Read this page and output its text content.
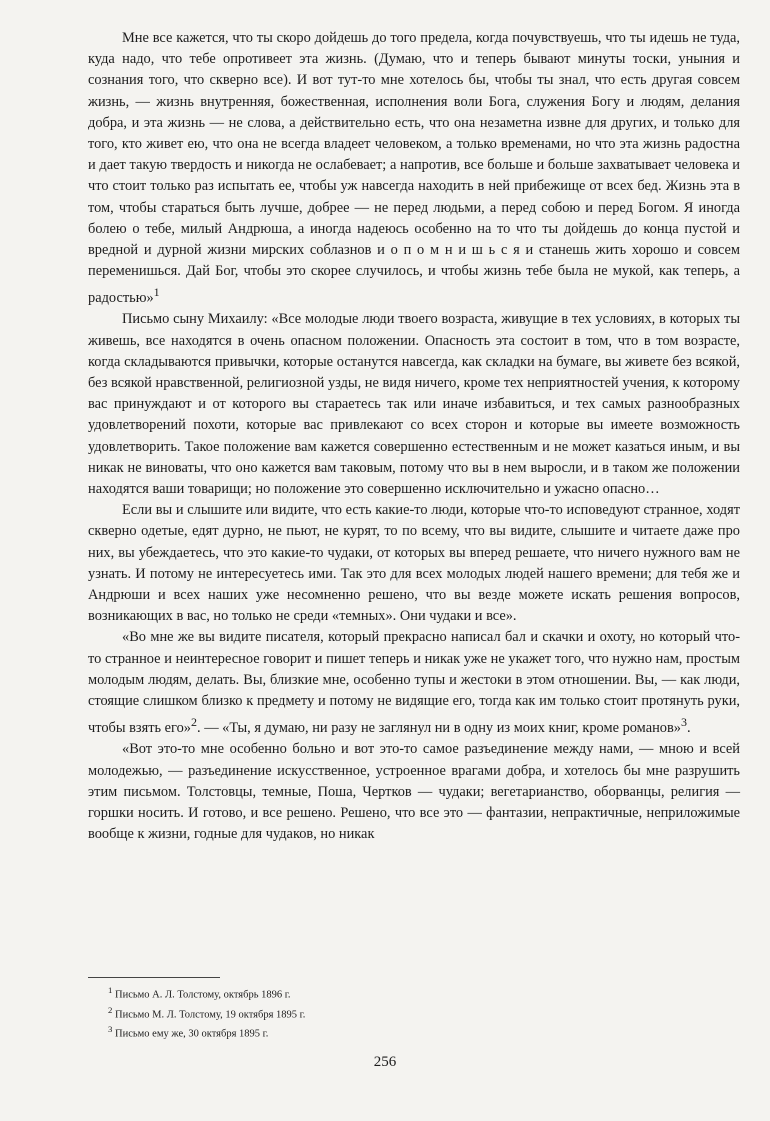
Мне все кажется, что ты скоро дойдешь до того предела, когда почувствуешь, что ты идешь не туда, куда надо, что тебе опротивеет эта жизнь. (Думаю, что и теперь бывают минуты тоски, уныния и сознания того, что скверно все). И вот тут-то мне хотелось бы, чтобы ты знал, что есть другая совсем жизнь, — жизнь внутренняя, божественная, исполнения воли Бога, служения Богу и людям, делания добра, и эта жизнь — не слова, а действительно есть, что она незаметна извне для других, и только для того, кто живет ею, что она не всегда владеет человеком, а только временами, но что эта жизнь радостна и дает такую твердость и никогда не ослабевает; а напротив, все больше и больше захватывает человека и что стоит только раз испытать ее, чтобы уж навсегда находить в ней прибежище от всех бед. Жизнь эта в том, чтобы стараться быть лучше, добрее — не перед людьми, а перед собою и перед Богом. Я иногда болею о тебе, милый Андрюша, а иногда надеюсь особенно на то что ты дойдешь до конца пустой и вредной и дурной жизни мирских соблазнов и о п о м н и ш ь с я и станешь жить хорошо и совсем переменишься. Дай Бог, чтобы это скорее случилось, и чтобы жизнь тебе была не мукой, как теперь, а радостью»$^1$

Письмо сыну Михаилу: «Все молодые люди твоего возраста, живущие в тех условиях, в которых ты живешь, все находятся в очень опасном положении. Опасность эта состоит в том, что в том возрасте, когда складываются привычки, которые останутся навсегда, как складки на бумаге, вы живете без всякой, без всякой нравственной, религиозной узды, не видя ничего, кроме тех неприятностей учения, к которому вас принуждают и от которого вы стараетесь так или иначе избавиться, и тех самых разнообразных удовлетворений похоти, которые вас привлекают со всех сторон и которые вы имеете возможность удовлетворить. Такое положение вам кажется совершенно естественным и не может казаться иным, и вы никак не виноваты, что оно кажется вам таковым, потому что вы в нем выросли, и в таком же положении находятся ваши товарищи; но положение это совершенно исключительно и ужасно опасно…

Если вы и слышите или видите, что есть какие-то люди, которые что-то исповедуют странное, ходят скверно одетые, едят дурно, не пьют, не курят, то по всему, что вы видите, слышите и читаете даже про них, вы убеждаетесь, что это какие-то чудаки, от которых вы вперед решаете, что ничего нужного вам не узнать. И потому не интересуетесь ими. Так это для всех молодых людей нашего времени; для тебя же и Андрюши и всех наших уже несомненно решено, что вы везде можете искать решения вопросов, возникающих в вас, но только не среди «темных». Они чудаки и все».

«Во мне же вы видите писателя, который прекрасно написал бал и скачки и охоту, но который что-то странное и неинтересное говорит и пишет теперь и никак уже не укажет того, что нужно нам, простым молодым людям, делать. Вы, близкие мне, особенно тупы и жестоки в этом отношении. Вы, — как люди, стоящие слишком близко к предмету и потому не видящие его, тогда как им только стоит протянуть руки, чтобы взять его»$^2$. — «Ты, я думаю, ни разу не заглянул ни в одну из моих книг, кроме романов»$^3$.

«Вот это-то мне особенно больно и вот это-то самое разъединение между нами, — мною и всей молодежью, — разъединение искусственное, устроенное врагами добра, и хотелось бы мне разрушить этим письмом. Толстовцы, темные, Поша, Чертков — чудаки; вегетарианство, оборванцы, религия — горшки носить. И готово, и все решено. Решено, что все это — фантазии, непрактичные, неприложимые вообще к жизни, годные для чудаков, но никак

$^1$ Письмо А. Л. Толстому, октябрь 1896 г.
$^2$ Письмо М. Л. Толстому, 19 октября 1895 г.
$^3$ Письмо ему же, 30 октября 1895 г.
256
